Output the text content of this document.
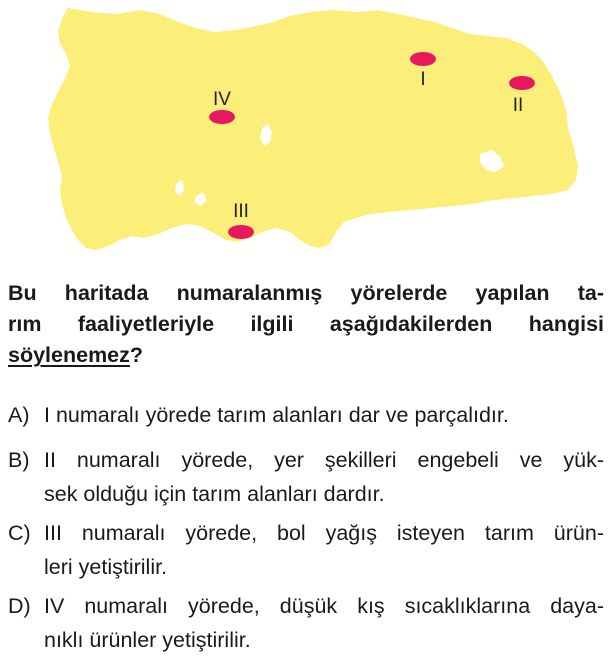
I
II
III
IV
Bu haritada numaralanmış yörelerde yapılan ta-
rım faaliyetleriyle ilgili aşağıdakilerden hangisi
söylenemez?
A) I numaralı yörede tarım alanları dar ve parçalıdır.
B) II numaralı yörede, yer şekilleri engebeli ve yük-
sek olduğu için tarım alanları dardır.
C) III numaralı yörede, bol yağış isteyen tarım ürün-
leri yetiştirilir.
D) IV numaralı yörede, düşük kış sıcaklıklarına daya-
nıklı ürünler yetiştirilir.
